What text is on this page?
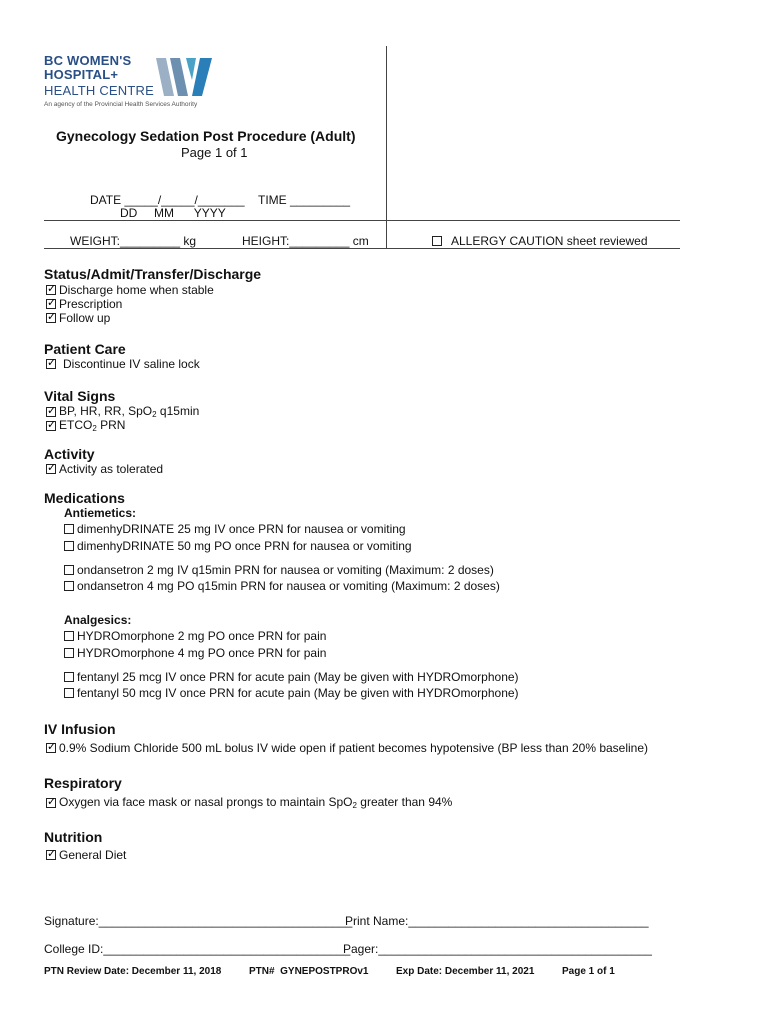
BC WOMEN'S
HOSPITAL+
HEALTH CENTRE
An agency of the Provincial Health Services Authority
Gynecology Sedation Post Procedure (Adult)
Page 1 of 1
DATE _____/_____/_______
DD     MM      YYYY
TIME _________
WEIGHT:_________ kg	HEIGHT:_________ cm	ALLERGY CAUTION sheet reviewed
Status/Admit/Transfer/Discharge
✓
Discharge home when stable
✓
Prescription
✓
Follow up
Patient Care
✓
Discontinue IV saline lock
Vital Signs
✓
BP, HR, RR, SpO$_2$ q15min
✓
$ETCO_2$ PRN
Activity
✓
Activity as tolerated
Medications
Antiemetics:
dimenhyDRINATE 25 mg IV once PRN for nausea or vomiting
dimenhyDRINATE 50 mg PO once PRN for nausea or vomiting
ondansetron 2 mg IV q15min PRN for nausea or vomiting (Maximum: 2 doses)
ondansetron 4 mg PO q15min PRN for nausea or vomiting (Maximum: 2 doses)
Analgesics:
HYDROmorphone 2 mg PO once PRN for pain
HYDROmorphone 4 mg PO once PRN for pain
fentanyl 25 mcg IV once PRN for acute pain (May be given with HYDROmorphone)
fentanyl 50 mcg IV once PRN for acute pain (May be given with HYDROmorphone)
IV Infusion
✓
0.9% Sodium Chloride 500 mL bolus IV wide open if patient becomes hypotensive (BP less than 20% baseline)
Respiratory
✓
Oxygen via face mask or nasal prongs to maintain SpO$_2$ greater than 94%
Nutrition
✓
General Diet
Signature:______________________________________
Print Name:____________________________________
College ID:_____________________________________
Pager:_________________________________________
PTN Review Date: December 11, 2018	PTN#  GYNEPOSTPROv1	Exp Date: December 11, 2021	Page 1 of 1
